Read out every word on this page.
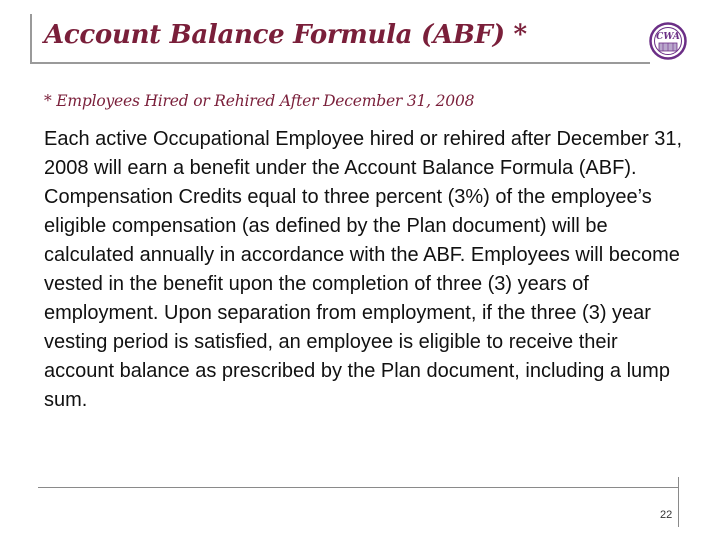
Account Balance Formula (ABF) *	CWA

* Employees Hired or Rehired After December 31, 2008

Each active Occupational Employee hired or rehired after December 31, 2008 will earn a benefit under the Account Balance Formula (ABF). Compensation Credits equal to three percent (3%) of the employee’s eligible compensation (as defined by the Plan document) will be calculated annually in accordance with the ABF. Employees will become vested in the benefit upon the completion of three (3) years of employment. Upon separation from employment, if the three (3) year vesting period is satisfied, an employee is eligible to receive their account balance as prescribed by the Plan document, including a lump sum.

22
